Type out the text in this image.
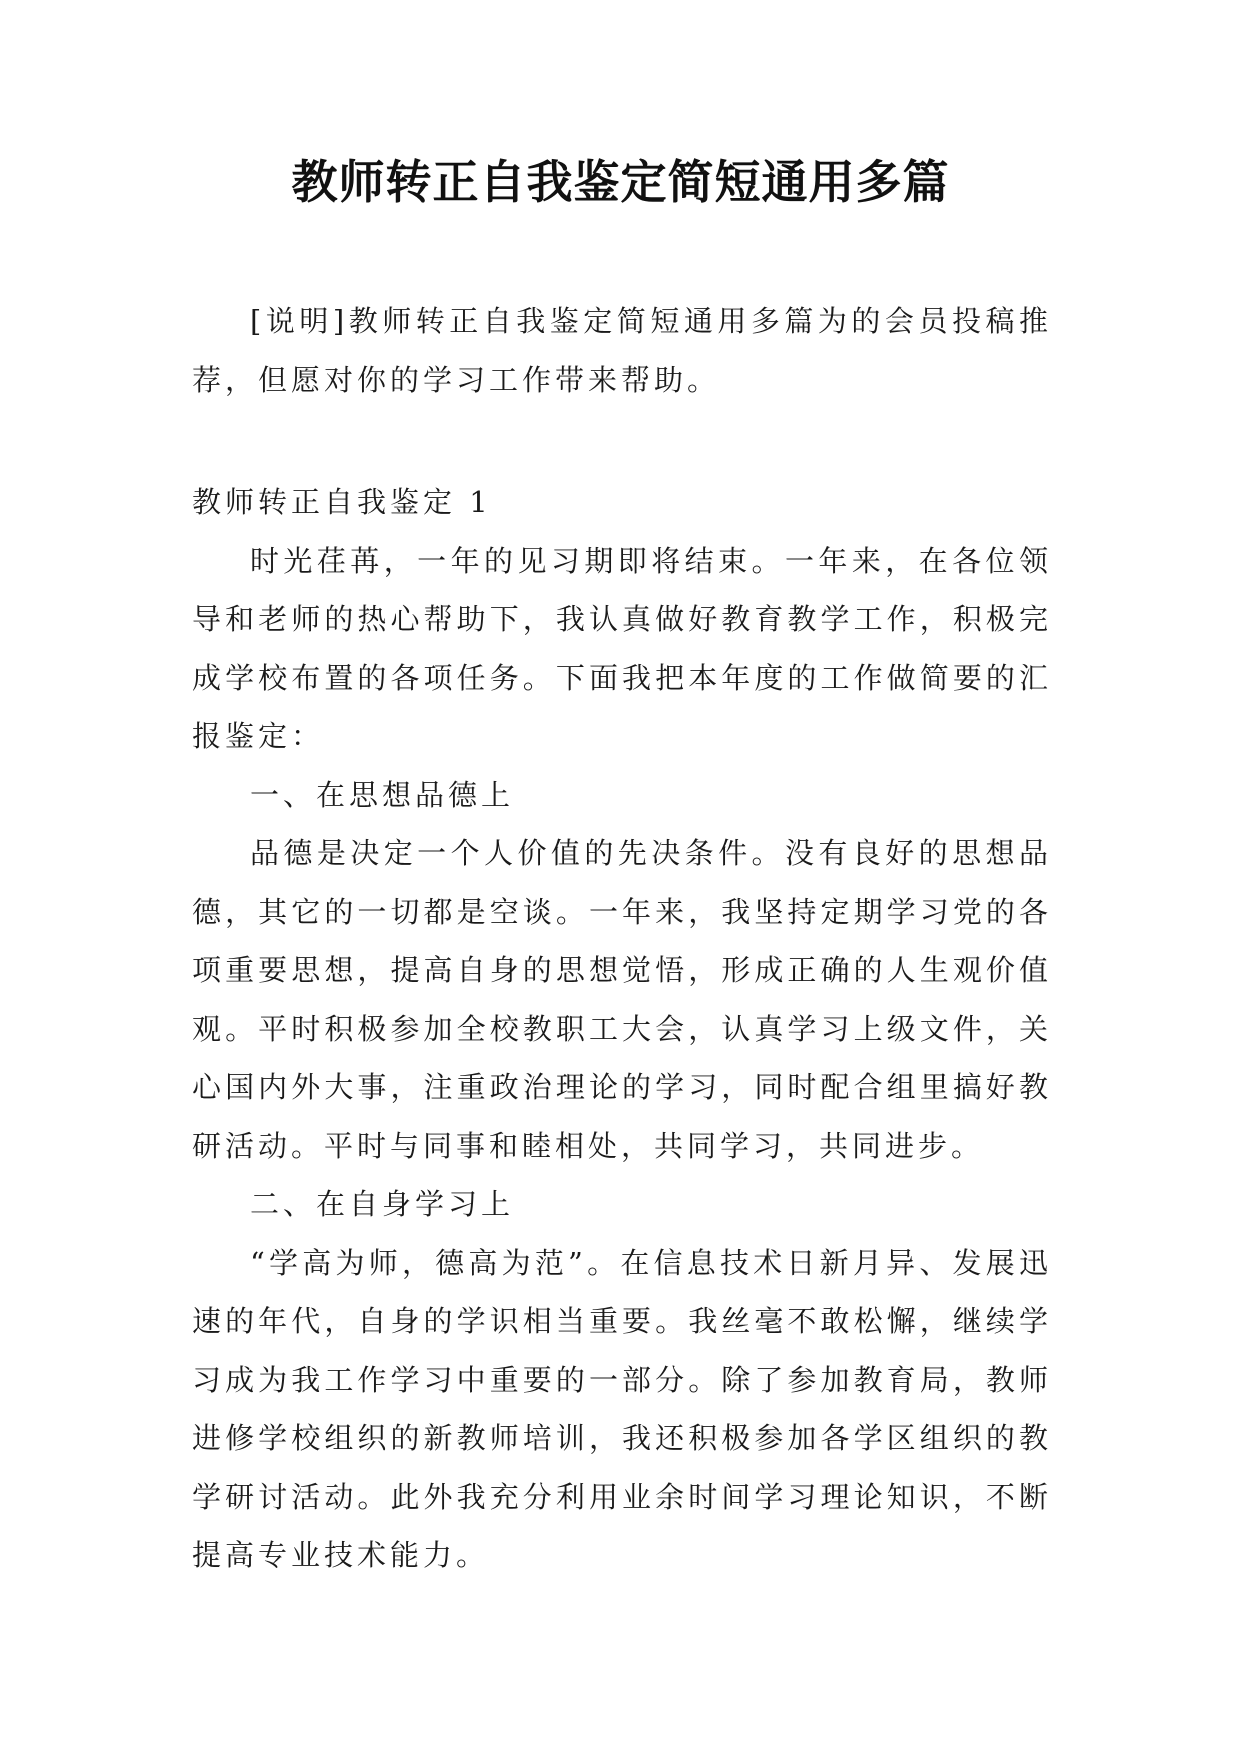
教师转正自我鉴定简短通用多篇

[说明]教师转正自我鉴定简短通用多篇为的会员投稿推荐，但愿对你的学习工作带来帮助。

教师转正自我鉴定 1

时光荏苒，一年的见习期即将结束。一年来，在各位领导和老师的热心帮助下，我认真做好教育教学工作，积极完成学校布置的各项任务。下面我把本年度的工作做简要的汇报鉴定：

一、在思想品德上

品德是决定一个人价值的先决条件。没有良好的思想品德，其它的一切都是空谈。一年来，我坚持定期学习党的各项重要思想，提高自身的思想觉悟，形成正确的人生观价值观。平时积极参加全校教职工大会，认真学习上级文件，关心国内外大事，注重政治理论的学习，同时配合组里搞好教研活动。平时与同事和睦相处，共同学习，共同进步。

二、在自身学习上

“学高为师，德高为范”。在信息技术日新月异、发展迅速的年代，自身的学识相当重要。我丝毫不敢松懈，继续学习成为我工作学习中重要的一部分。除了参加教育局，教师进修学校组织的新教师培训，我还积极参加各学区组织的教学研讨活动。此外我充分利用业余时间学习理论知识，不断提高专业技术能力。
